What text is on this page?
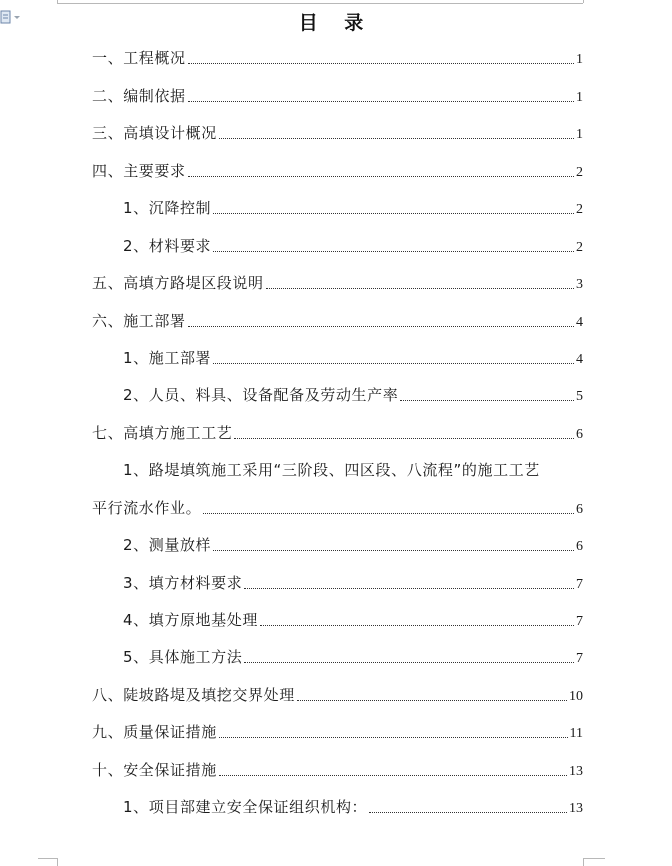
目 录
一、工程概况	1
二、编制依据	1
三、高填设计概况	1
四、主要要求	2
1、沉降控制	2
2、材料要求	2
五、高填方路堤区段说明	3
六、施工部署	4
1、施工部署	4
2、人员、料具、设备配备及劳动生产率	5
七、高填方施工工艺	6
1、路堤填筑施工采用“三阶段、四区段、八流程”的施工工艺
平行流水作业。	6
2、测量放样	6
3、填方材料要求	7
4、填方原地基处理	7
5、具体施工方法	7
八、陡坡路堤及填挖交界处理	10
九、质量保证措施	11
十、安全保证措施	13
1、项目部建立安全保证组织机构：	13
